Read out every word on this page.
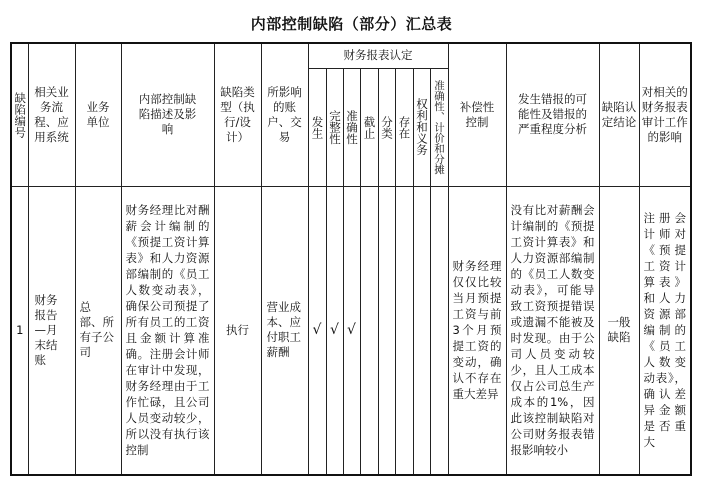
内部控制缺陷（部分）汇总表
缺陷编号	相关业务流程、应用系统	业务单位	内部控制缺陷描述及影响	缺陷类型（执行/设计）	所影响的账户、交易	财务报表认定								补偿性控制	发生错报的可能性及错报的严重程度分析	缺陷认定结论	对相关的财务报表审计工作的影响

						发生	完整性	准确性	截止	分类	存在	权利和义务	准确性、计价和分摊				

1	财务报告—月末结账	总 部、所有子公司	财务经理比对酬薪会计编制的《预提工资计算表》和人力资源部编制的《员工人数变动表》，确保公司预提了所有员工的工资且金额计算准确。注册会计师在审计中发现，财务经理由于工作忙碌，且公司人员变动较少，所以没有执行该控制	执行	营业成本、应付职工薪酬	√	√	√						财务经理仅仅比较当月预提工资与前3个月预提工资的变动，确认不存在重大差异	没有比对薪酬会计编制的《预提工资计算表》和人力资源部编制的《员工人数变动表》，可能导致工资预提错误或遗漏不能被及时发现。由于公司人员变动较少，且人工成本仅占公司总生产成本的1%，因此该控制缺陷对公司财务报表错报影响较小	一般缺陷	注册会计师对《预提工资计算表》和人力资源部编制的《员工人数变动表》，确认差异金额是否重大
